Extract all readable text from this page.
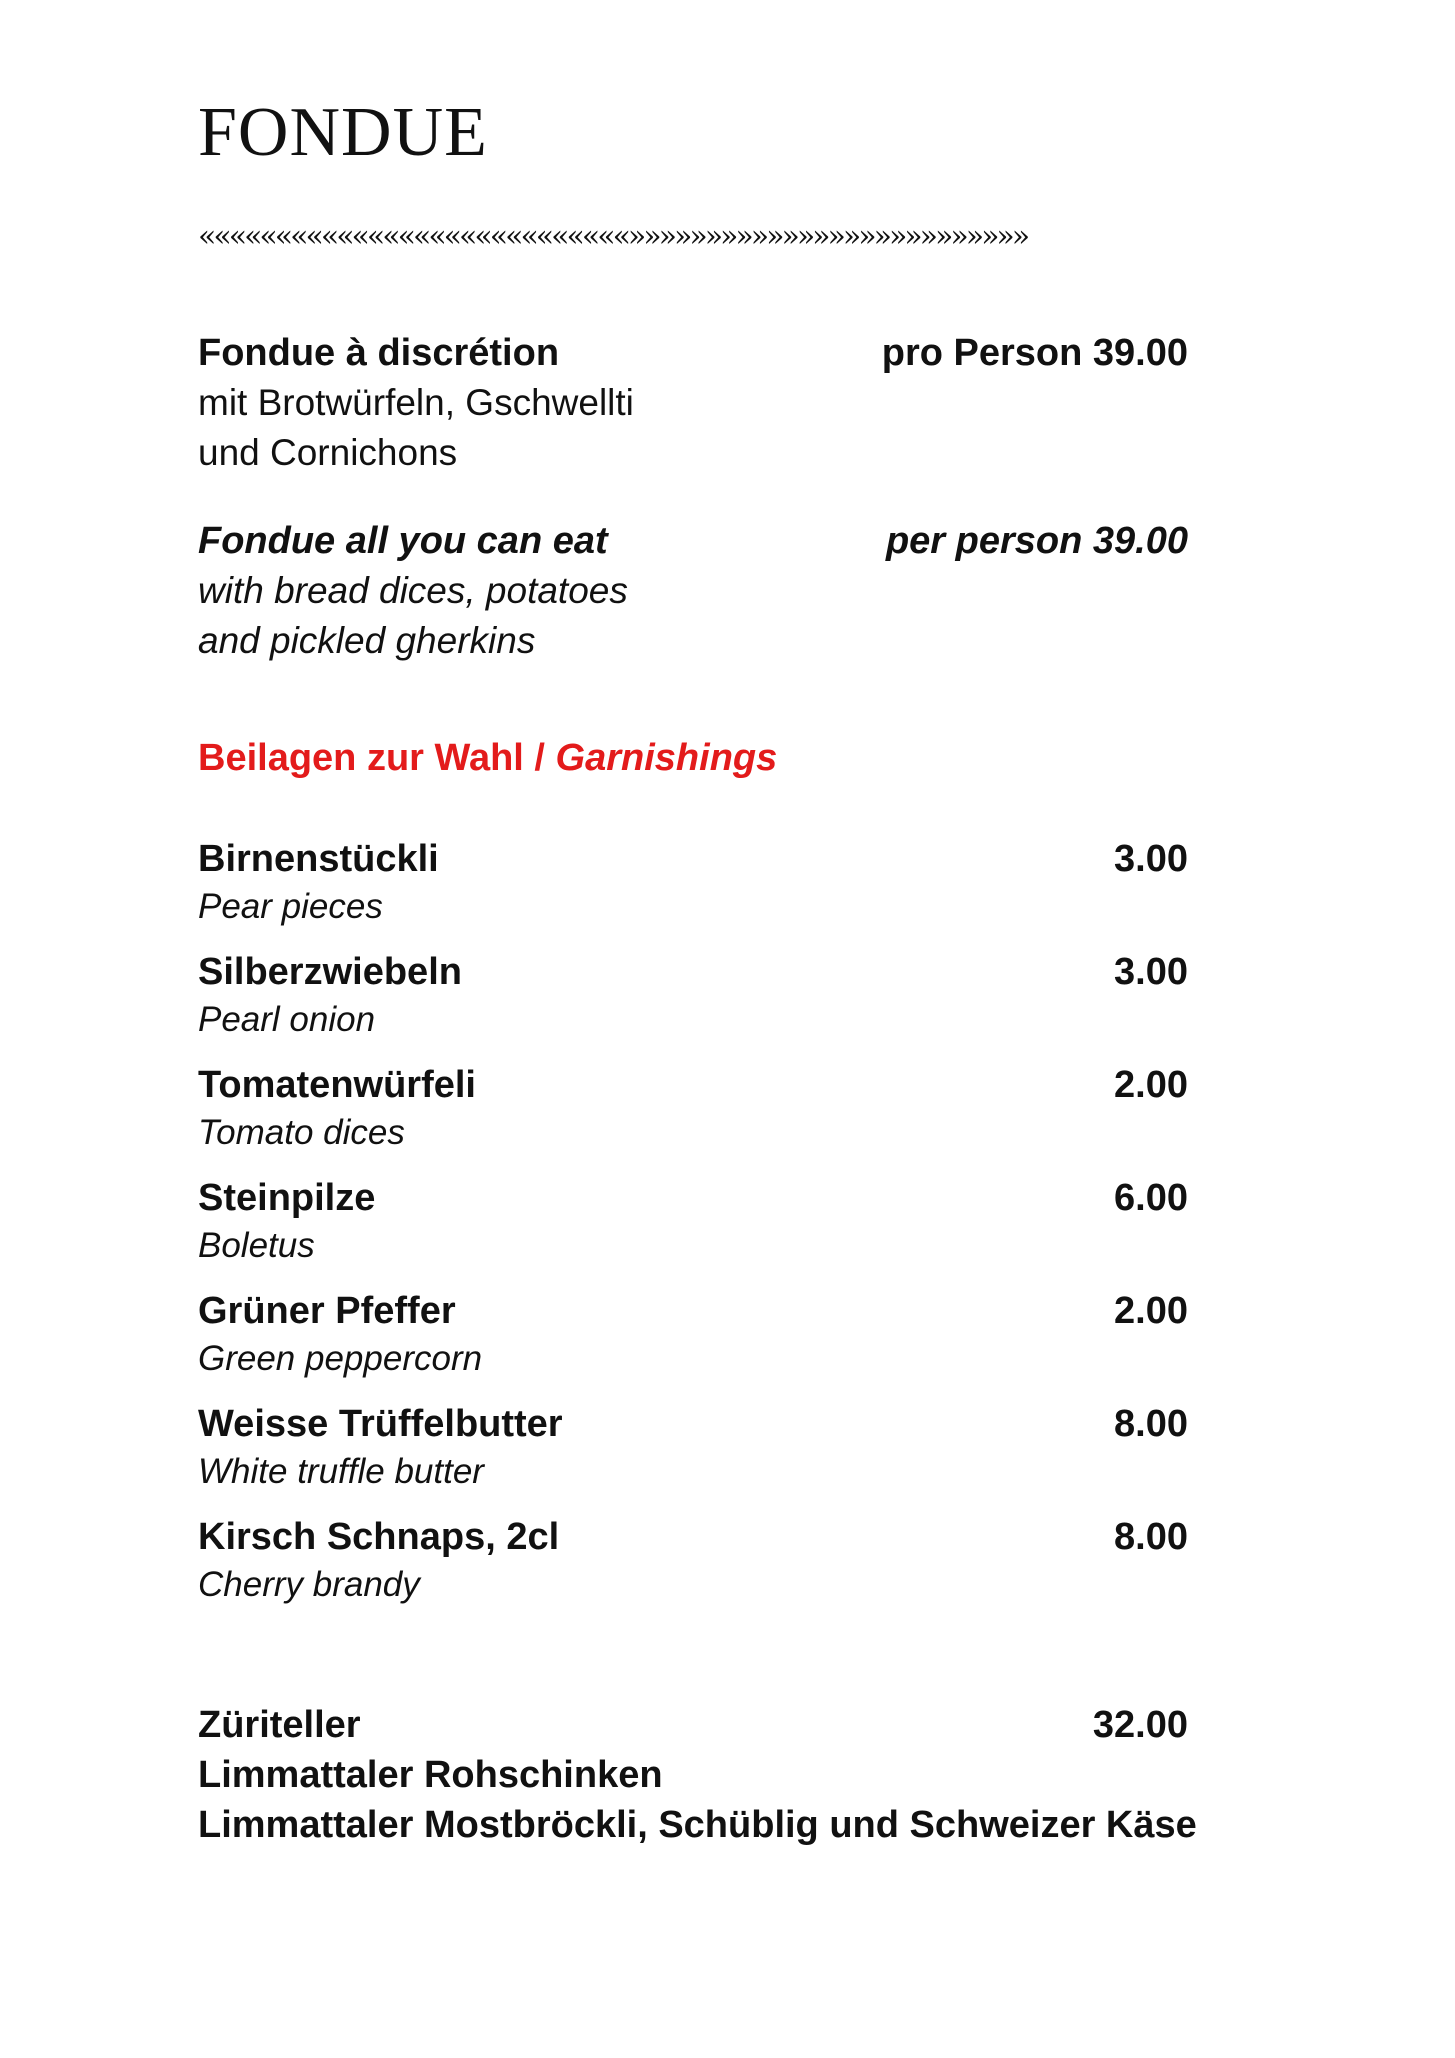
FONDUE
««««««««««««««««««««««««««««»»»»»»»»»»»»»»»»»»»»»»»»»»
Fondue à discrétion	pro Person 39.00
mit Brotwürfeln, Gschwellti
und Cornichons
Fondue all you can eat	per person 39.00
with bread dices, potatoes
and pickled gherkins
Beilagen zur Wahl / Garnishings
Birnenstückli	3.00
Pear pieces
Silberzwiebeln	3.00
Pearl onion
Tomatenwürfeli	2.00
Tomato dices
Steinpilze	6.00
Boletus
Grüner Pfeffer	2.00
Green peppercorn
Weisse Trüffelbutter	8.00
White truffle butter
Kirsch Schnaps, 2cl	8.00
Cherry brandy
Züriteller	32.00
Limmattaler Rohschinken
Limmattaler Mostbröckli, Schüblig und Schweizer Käse
